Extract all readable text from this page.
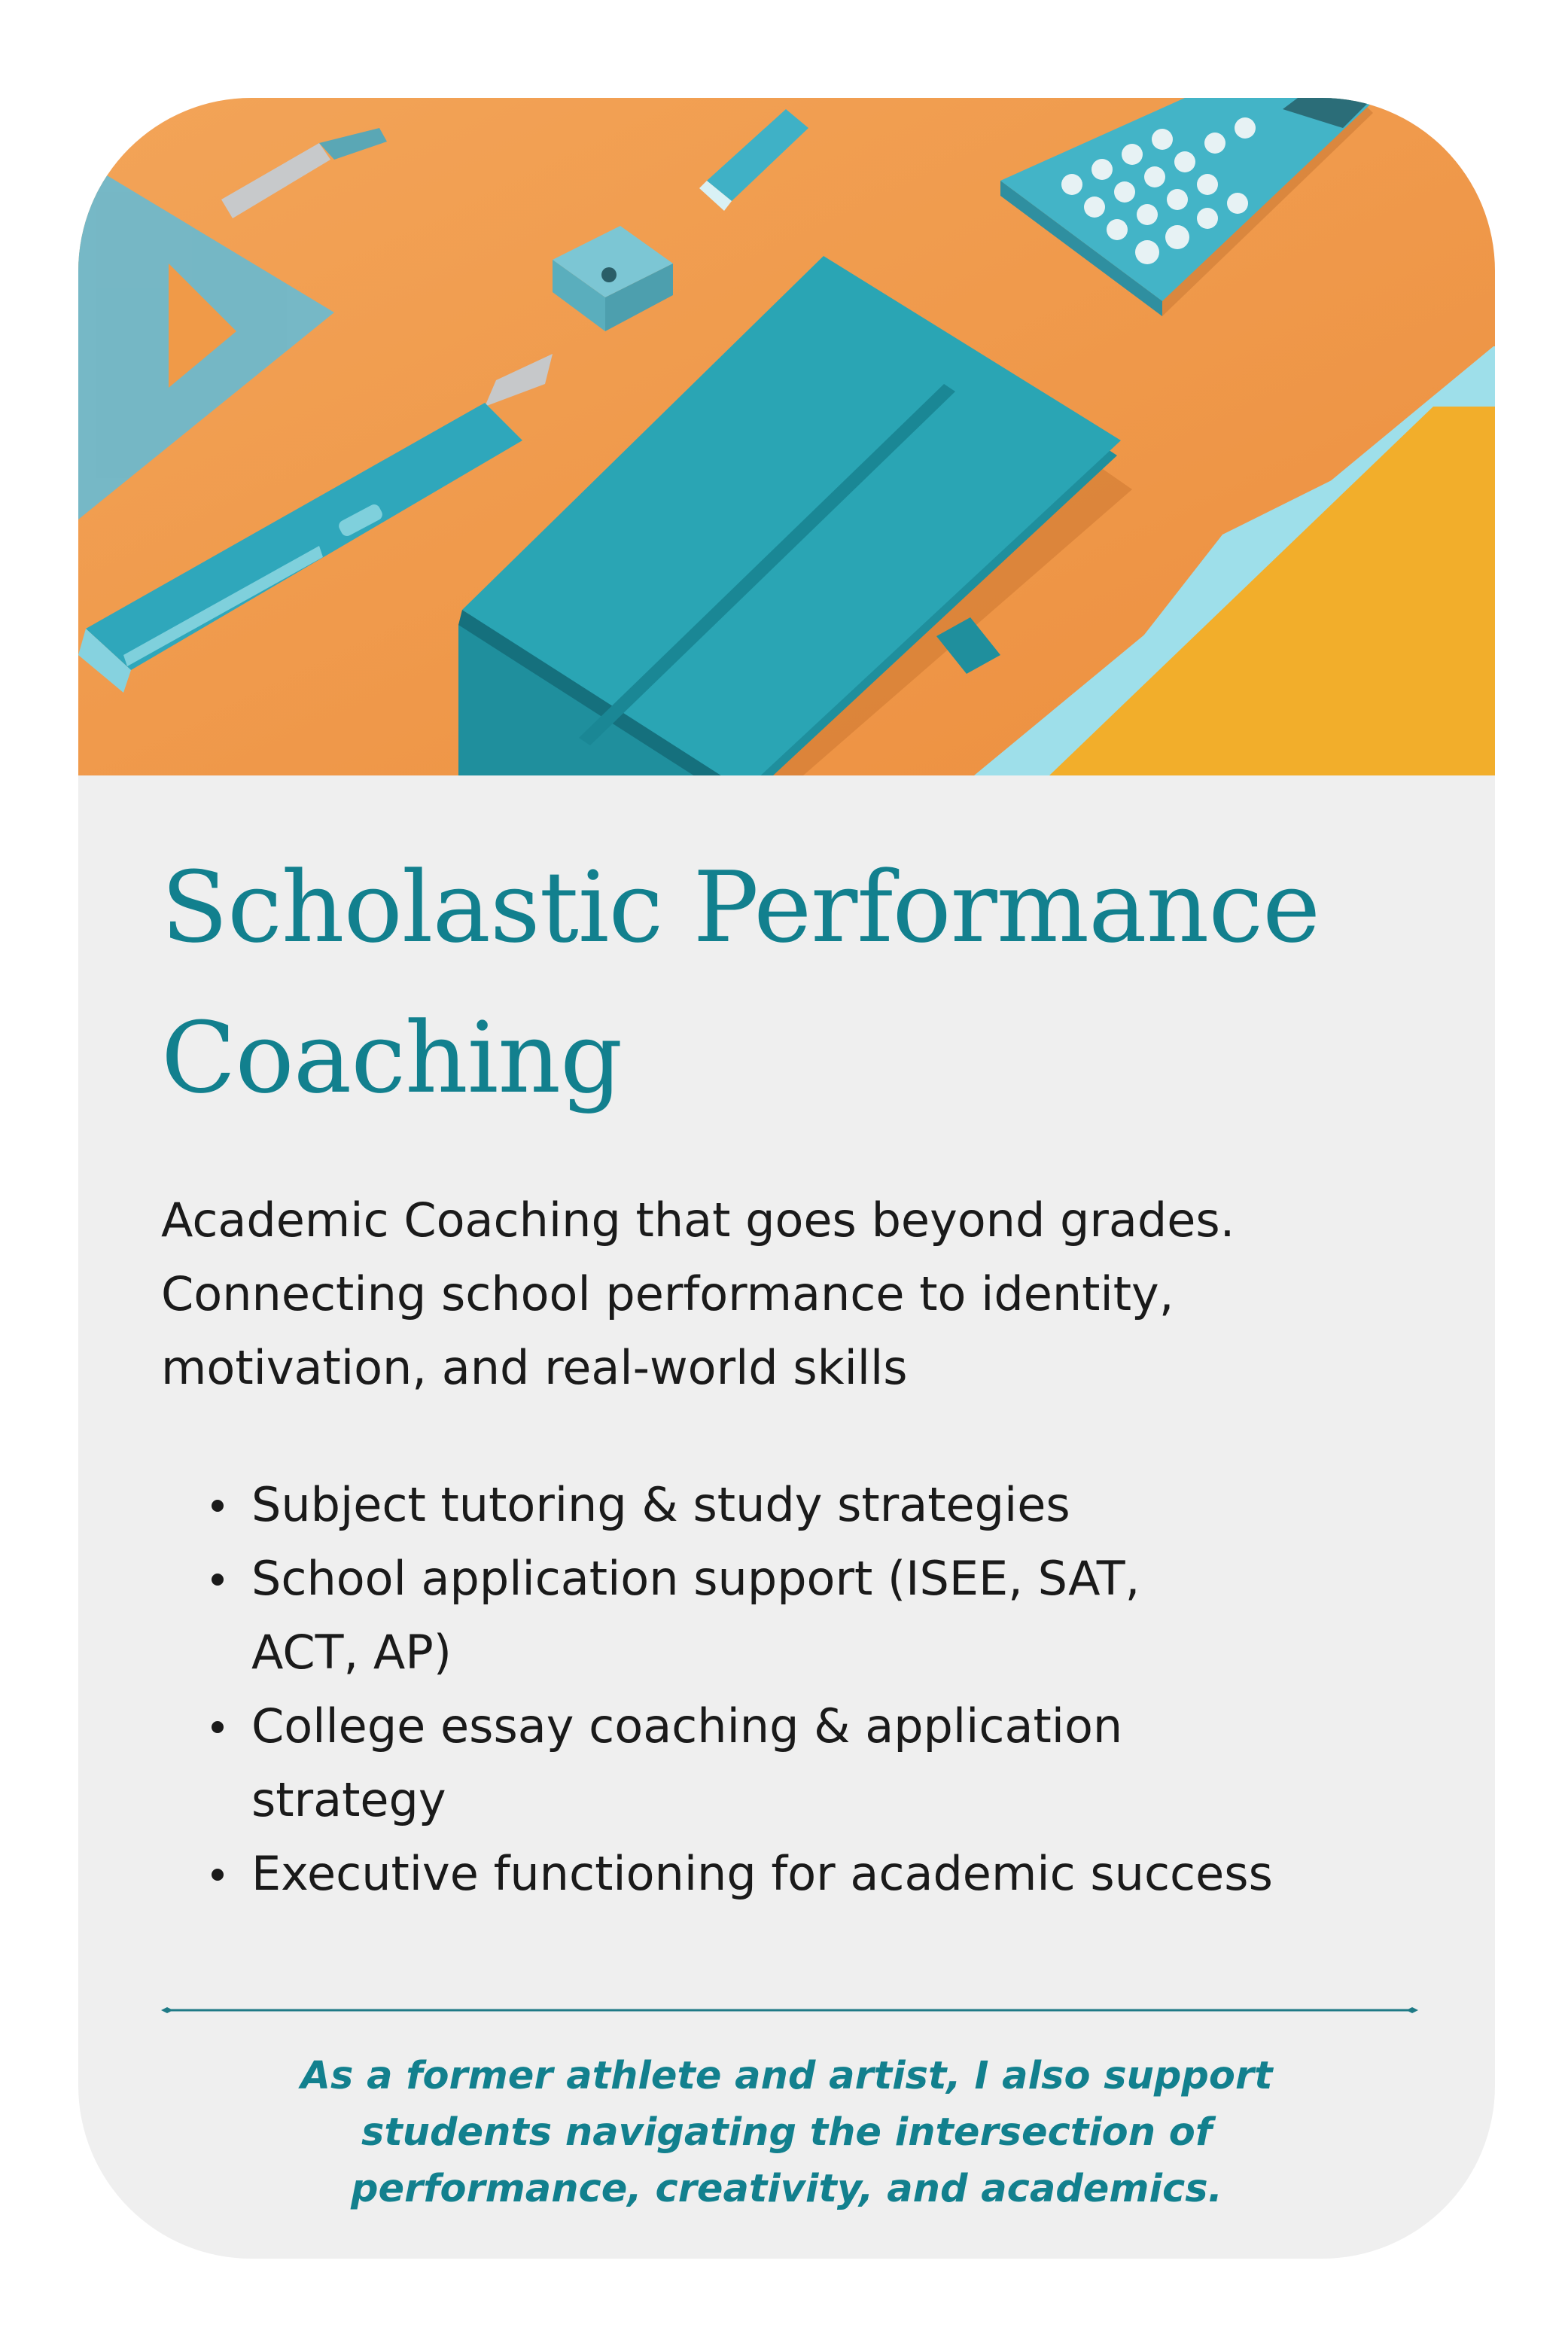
Scholastic Performance
Coaching

Academic Coaching that goes beyond grades.
Connecting school performance to identity,
motivation, and real-world skills

Subject tutoring & study strategies
School application support (ISEE, SAT,
ACT, AP)
College essay coaching & application
strategy
Executive functioning for academic success

As a former athlete and artist, I also support
students navigating the intersection of
performance, creativity, and academics.
